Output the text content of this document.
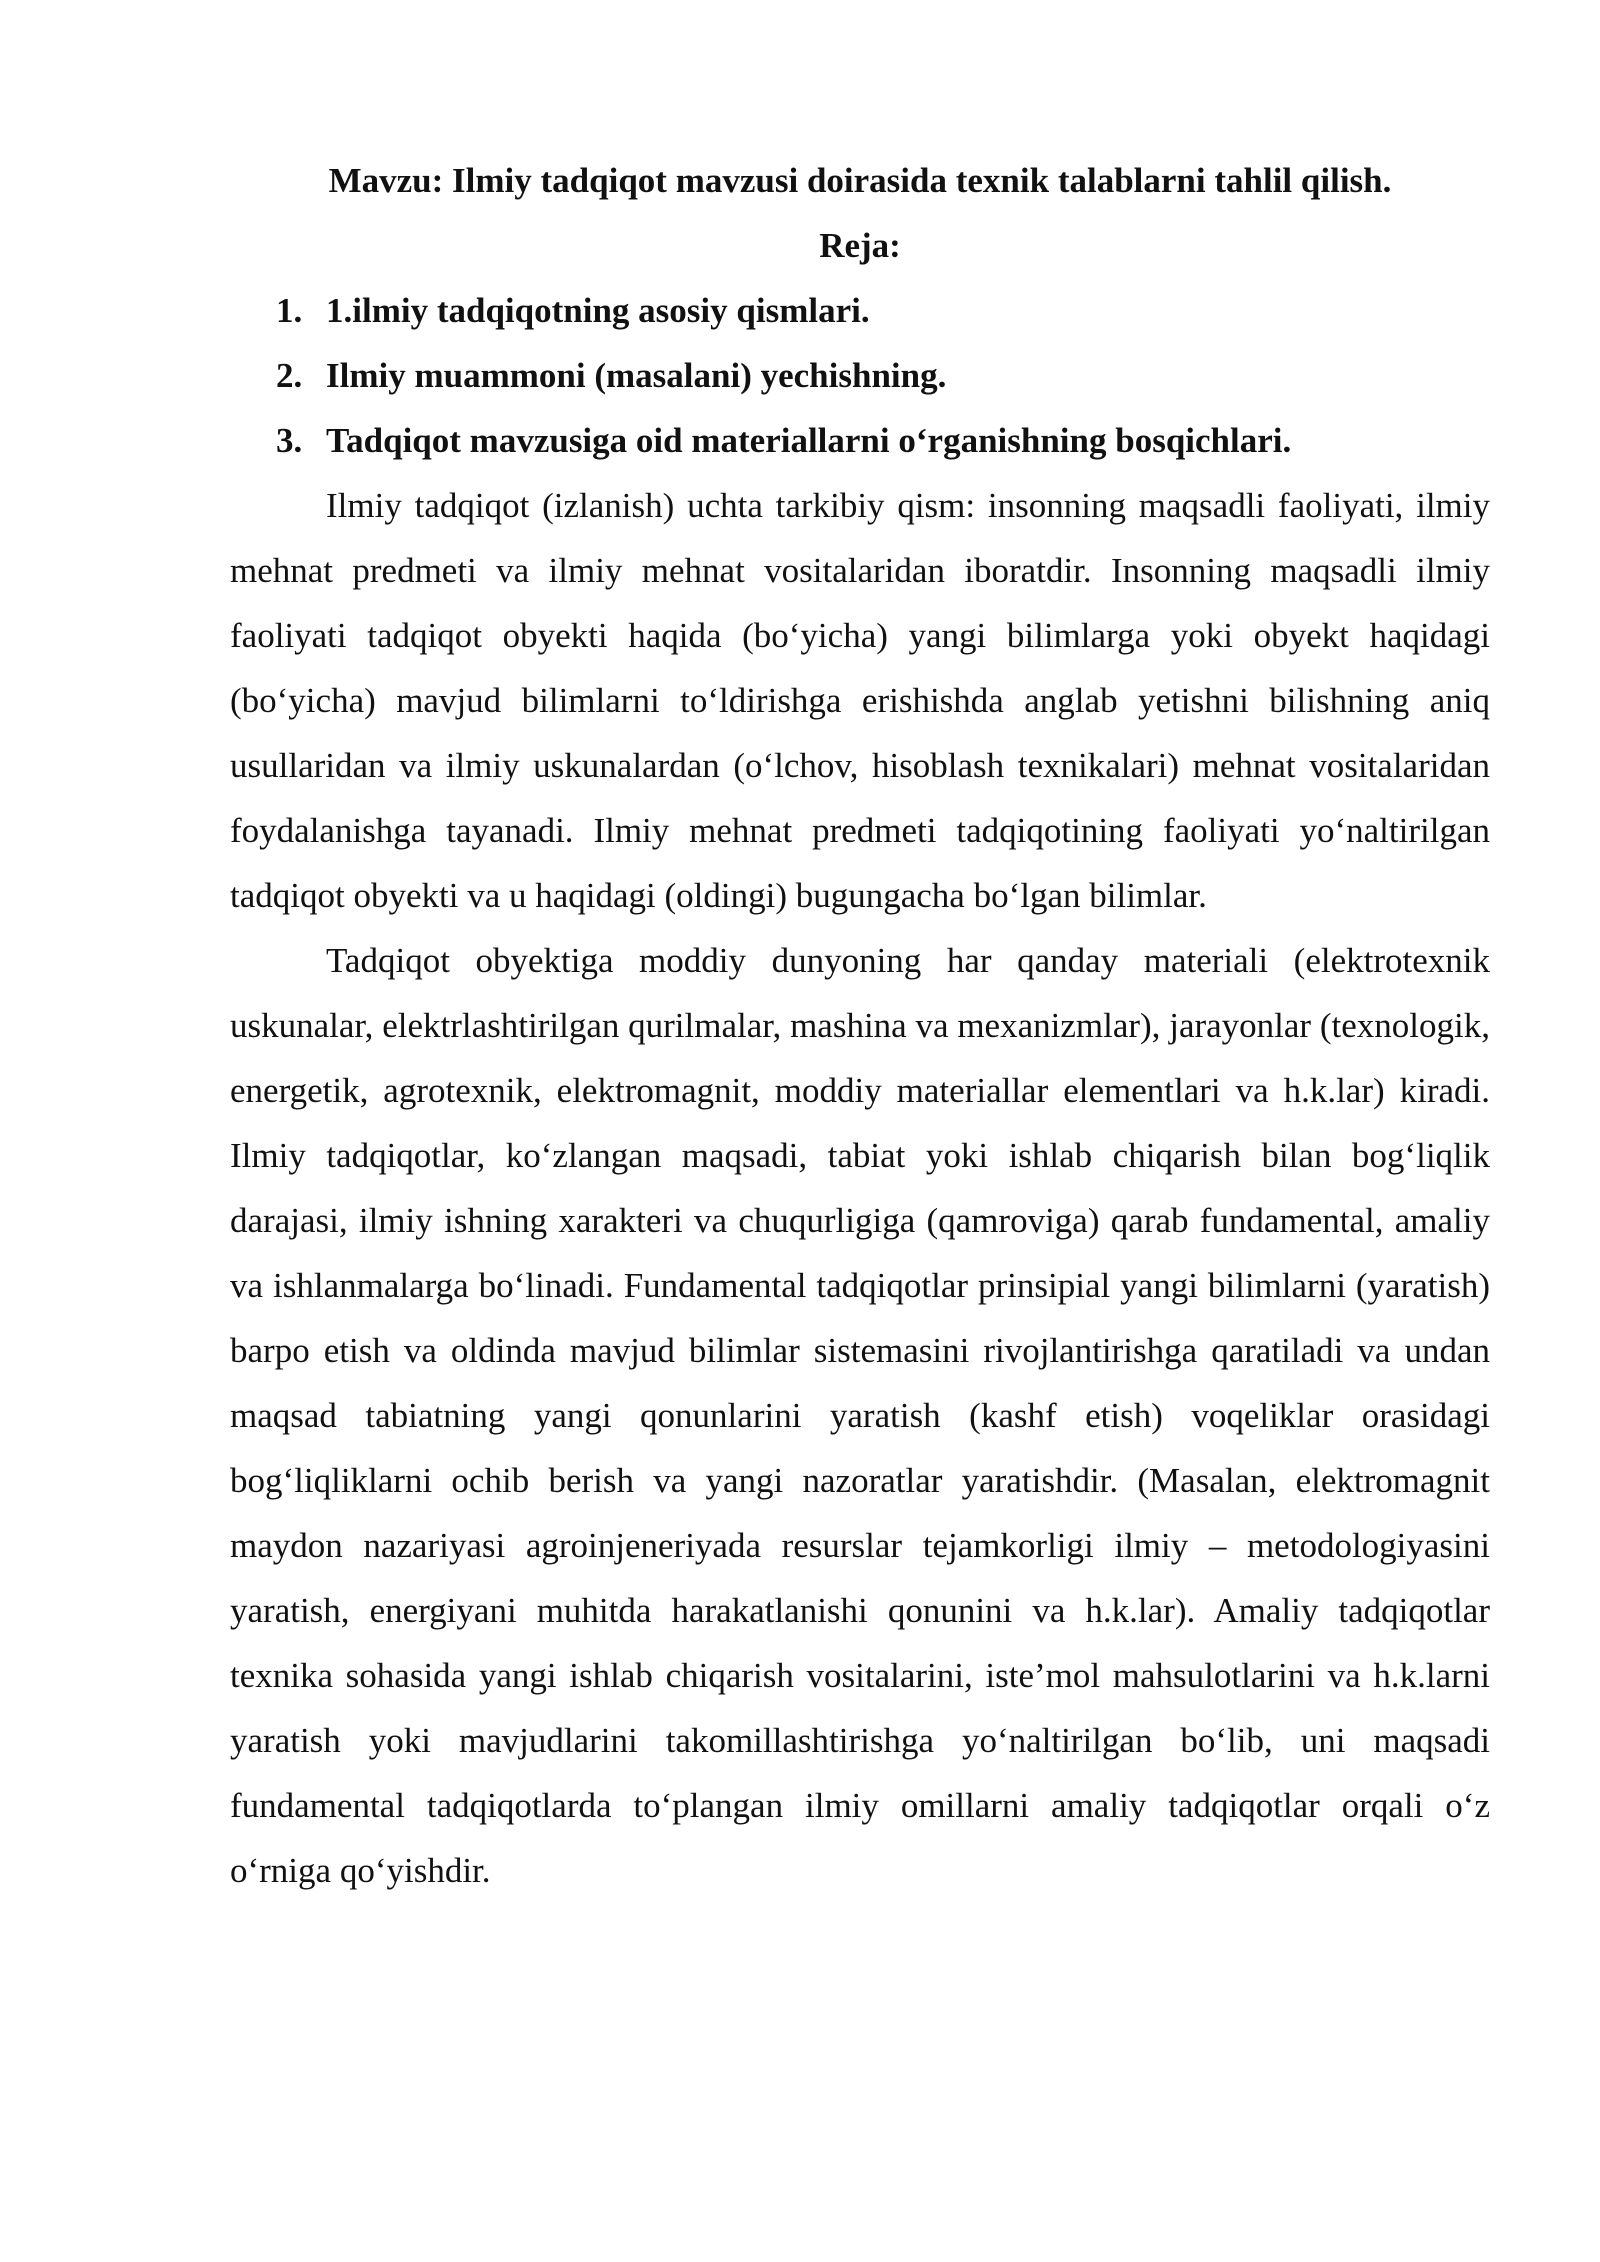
Mavzu: Ilmiy tadqiqot mavzusi doirasida texnik talablarni tahlil qilish.

Reja:

1. 1.ilmiy tadqiqotning asosiy qismlari.
2. Ilmiy muammoni (masalani) yechishning.
3. Tadqiqot mavzusiga oid materiallarni o‘rganishning bosqichlari.

Ilmiy tadqiqot (izlanish) uchta tarkibiy qism: insonning maqsadli faoliyati, ilmiy mehnat predmeti va ilmiy mehnat vositalaridan iboratdir. Insonning maqsadli ilmiy faoliyati tadqiqot obyekti haqida (bo‘yicha) yangi bilimlarga yoki obyekt haqidagi (bo‘yicha) mavjud bilimlarni to‘ldirishga erishishda anglab yetishni bilishning aniq usullaridan va ilmiy uskunalardan (o‘lchov, hisoblash texnikalari) mehnat vositalaridan foydalanishga tayanadi. Ilmiy mehnat predmeti tadqiqotining faoliyati yo‘naltirilgan tadqiqot obyekti va u haqidagi (oldingi) bugungacha bo‘lgan bilimlar.

Tadqiqot obyektiga moddiy dunyoning har qanday materiali (elektrotexnik uskunalar, elektrlashtirilgan qurilmalar, mashina va mexanizmlar), jarayonlar (texnologik, energetik, agrotexnik, elektromagnit, moddiy materiallar elementlari va h.k.lar) kiradi. Ilmiy tadqiqotlar, ko‘zlangan maqsadi, tabiat yoki ishlab chiqarish bilan bog‘liqlik darajasi, ilmiy ishning xarakteri va chuqurligiga (qamroviga) qarab fundamental, amaliy va ishlanmalarga bo‘linadi. Fundamental tadqiqotlar prinsipial yangi bilimlarni (yaratish) barpo etish va oldinda mavjud bilimlar sistemasini rivojlantirishga qaratiladi va undan maqsad tabiatning yangi qonunlarini yaratish (kashf etish) voqeliklar orasidagi bog‘liqliklarni ochib berish va yangi nazoratlar yaratishdir. (Masalan, elektromagnit maydon nazariyasi agroinjeneriyada resurslar tejamkorligi ilmiy – metodologiyasini yaratish, energiyani muhitda harakatlanishi qonunini va h.k.lar). Amaliy tadqiqotlar texnika sohasida yangi ishlab chiqarish vositalarini, iste’mol mahsulotlarini va h.k.larni yaratish yoki mavjudlarini takomillashtirishga yo‘naltirilgan bo‘lib, uni maqsadi fundamental tadqiqotlarda to‘plangan ilmiy omillarni amaliy tadqiqotlar orqali o‘z o‘rniga qo‘yishdir.
